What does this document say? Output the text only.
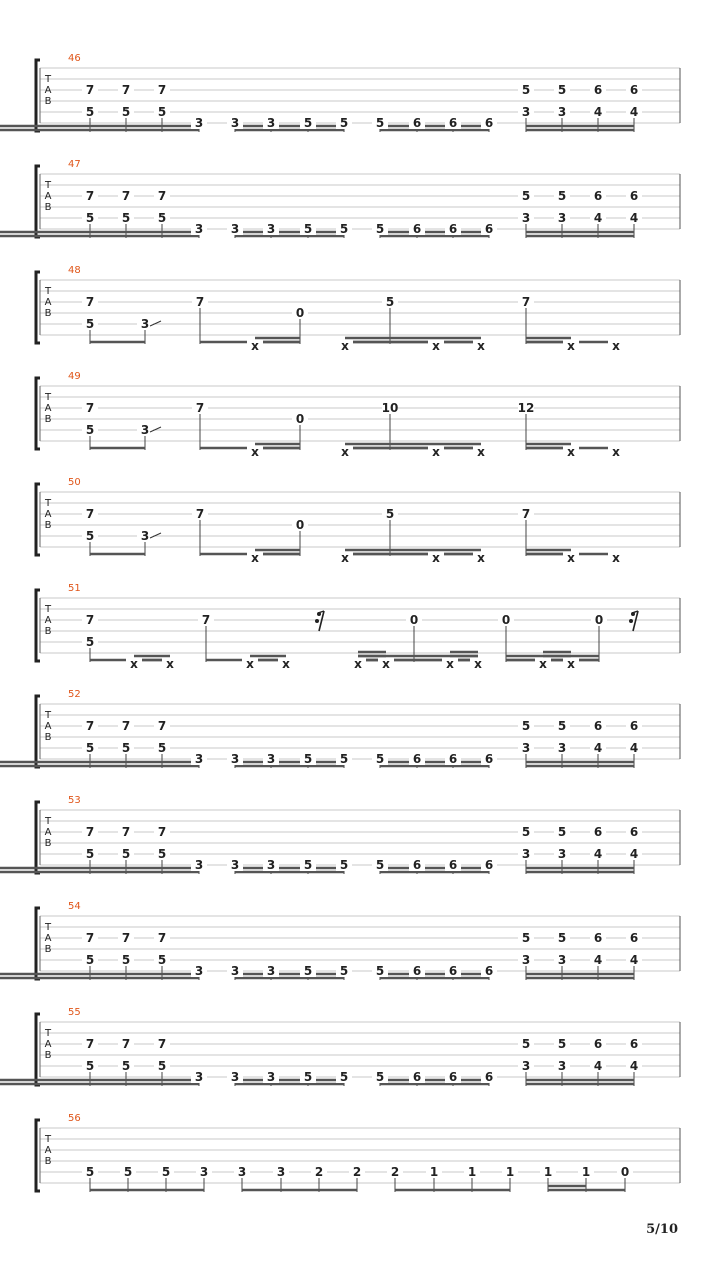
T
A
B
46
7
5
7
5
7
5
3 3 3 5 5 5 6 6 6
5
3
5
3
6
4
6
4
T
A
B
47
7
5
7
5
7
5
3 3 3 5 5 5 6 6 6
5
3
5
3
6
4
6
4
T
A
B
48
7
5	3
7
x
0
x
5
x	x
7
x	x
T
A
B
49
7
5	3
7
x
0
x
10
x	x
12
x	x
T
A
B
50
7
5	3
7
x
0
x
5
x	x
7
x	x
T
A
B
51
7
5
x x
7
x x	x x
0
x x
0
x x
0
T
A
B
52
7
5
7
5
7
5
3 3 3 5 5 5 6 6 6
5
3
5
3
6
4
6
4
T
A
B
53
7
5
7
5
7
5
3 3 3 5 5 5 6 6 6
5
3
5
3
6
4
6
4
T
A
B
54
7
5
7
5
7
5
3 3 3 5 5 5 6 6 6
5
3
5
3
6
4
6
4
T
A
B
55
7
5
7
5
7
5
3 3 3 5 5 5 6 6 6
5
3
5
3
6
4
6
4
T
A
B
56
5 5 5 3 3	3 2 2 2	1 1 1 1 1	0
5/10
